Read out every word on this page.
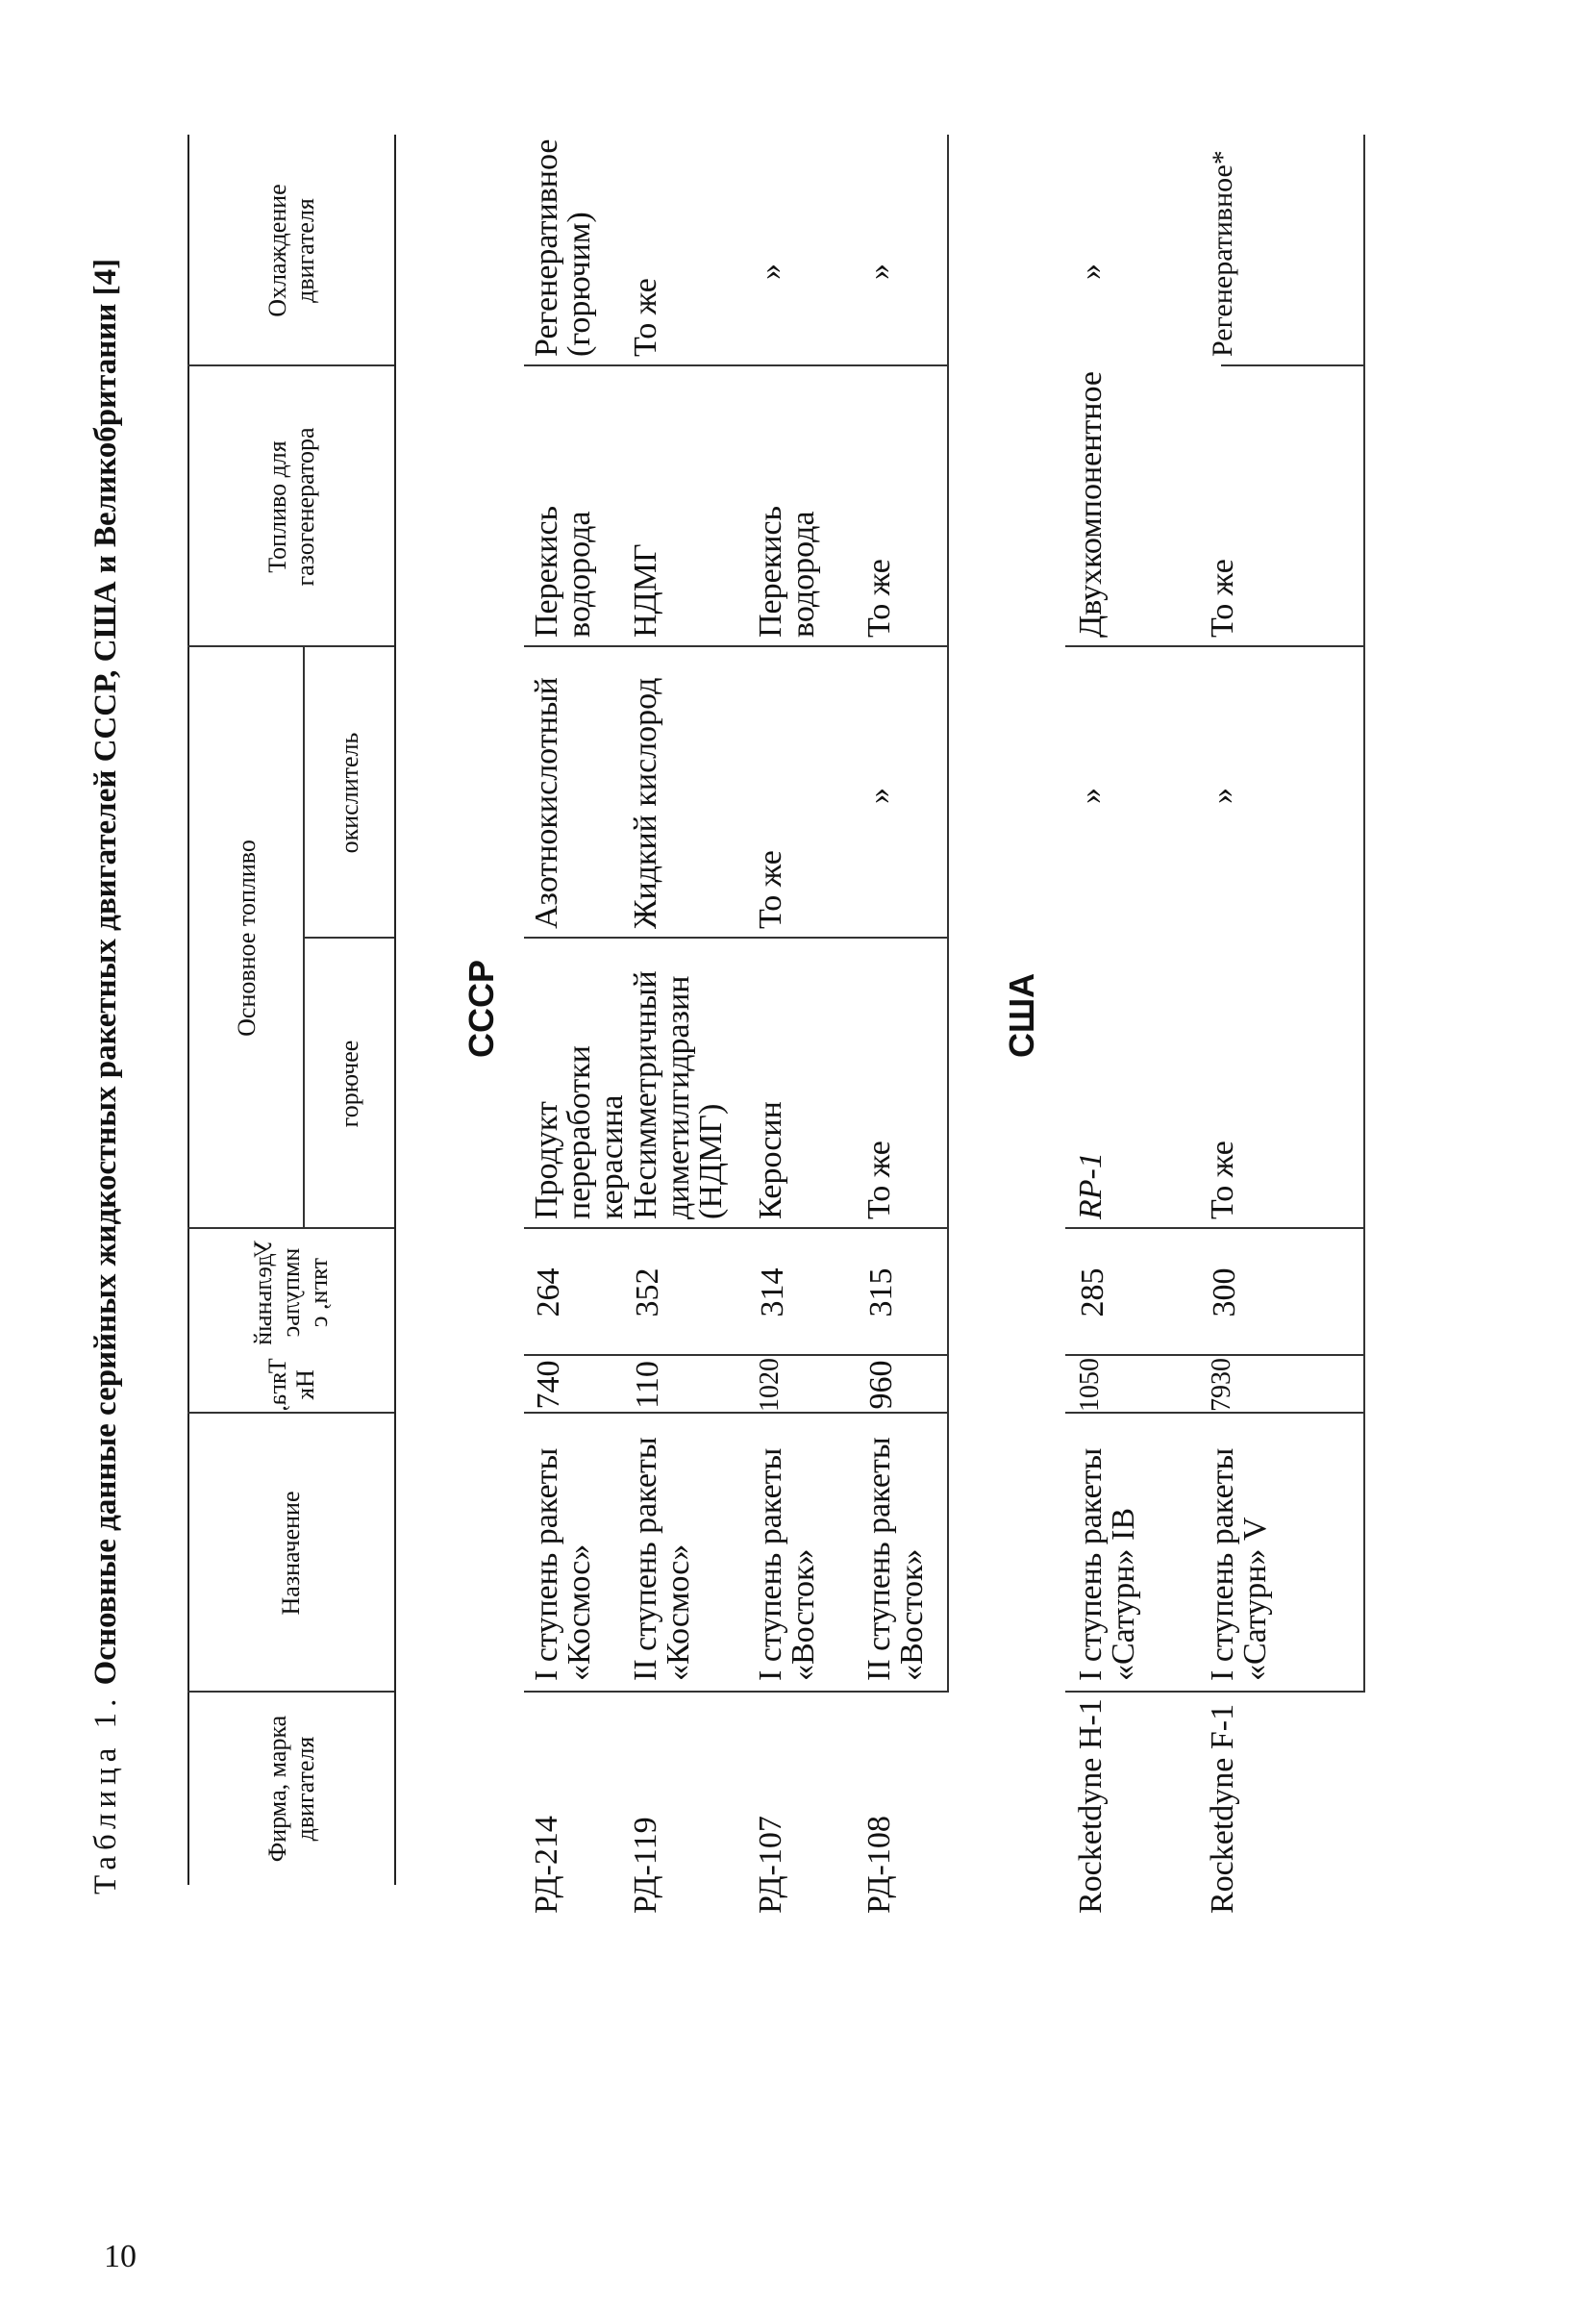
10
Таблица 1. Основные данные серийных жидкостных ракетных двигателей СССР, США и Великобритании [4]
Фирма, марка двигателя
Назначение
Тяга, Нк
Удельный импульс тяги, с
Основное топливо
горючее
окислитель
Топливо для газогенератора
Охлаждение двигателя
СССР
РД-214
I ступень ракеты «Космос»
740
264
Продукт переработки керасина
Азотнокислотный
Перекись водорода
Регенеративное (горючим)
РД-119
II ступень ракеты «Космос»
110
352
Несимметричный диметилгидразин (НДМГ)
Жидкий кислород
НДМГ
То же
РД-107
I ступень ракеты «Восток»
1020
314
Керосин
То же
Перекись водорода
»
РД-108
II ступень ракеты «Восток»
960
315
То же
»
То же
»
США
Rocketdyne H-1
I ступень ракеты «Сатурн» IB
1050
285
RP-1
»
Двухкомпонентное
»
Rocketdyne F-1
I ступень ракеты «Сатурн» V
7930
300
То же
»
То же
Регенеративное*
